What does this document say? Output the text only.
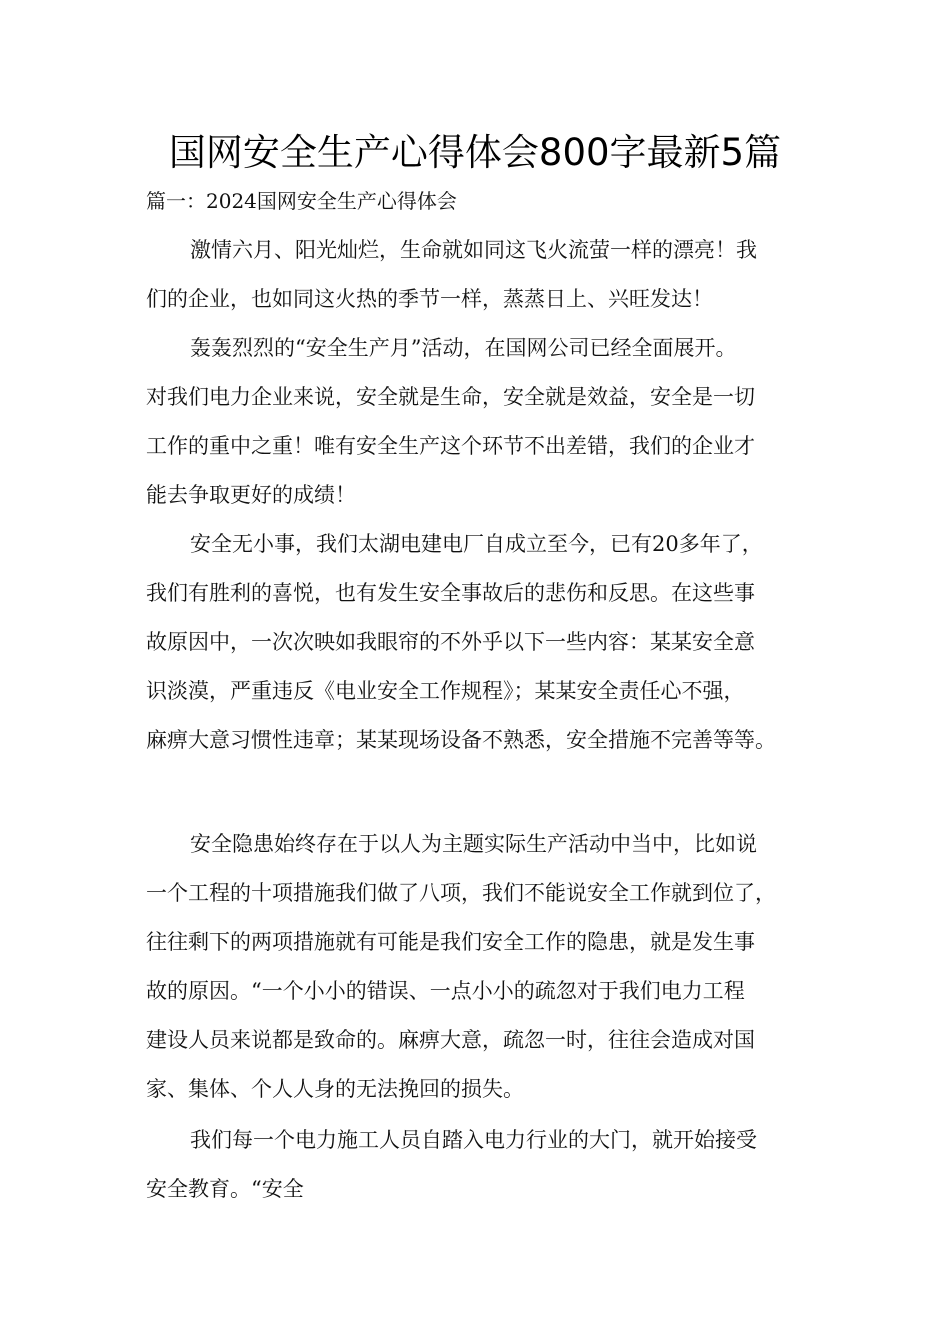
国网安全生产心得体会800字最新5篇
篇一：2024国网安全生产心得体会
激情六月、阳光灿烂，生命就如同这飞火流萤一样的漂亮！我
们的企业，也如同这火热的季节一样，蒸蒸日上、兴旺发达！
轰轰烈烈的“安全生产月”活动，在国网公司已经全面展开。
对我们电力企业来说，安全就是生命，安全就是效益，安全是一切
工作的重中之重！唯有安全生产这个环节不出差错，我们的企业才
能去争取更好的成绩！
安全无小事，我们太湖电建电厂自成立至今，已有20多年了，
我们有胜利的喜悦，也有发生安全事故后的悲伤和反思。在这些事
故原因中，一次次映如我眼帘的不外乎以下一些内容：某某安全意
识淡漠，严重违反《电业安全工作规程》；某某安全责任心不强，
麻痹大意习惯性违章；某某现场设备不熟悉，安全措施不完善等等。
安全隐患始终存在于以人为主题实际生产活动中当中，比如说
一个工程的十项措施我们做了八项，我们不能说安全工作就到位了，
往往剩下的两项措施就有可能是我们安全工作的隐患，就是发生事
故的原因。“一个小小的错误、一点小小的疏忽对于我们电力工程
建设人员来说都是致命的。麻痹大意，疏忽一时，往往会造成对国
家、集体、个人人身的无法挽回的损失。
我们每一个电力施工人员自踏入电力行业的大门，就开始接受
安全教育。“安全
